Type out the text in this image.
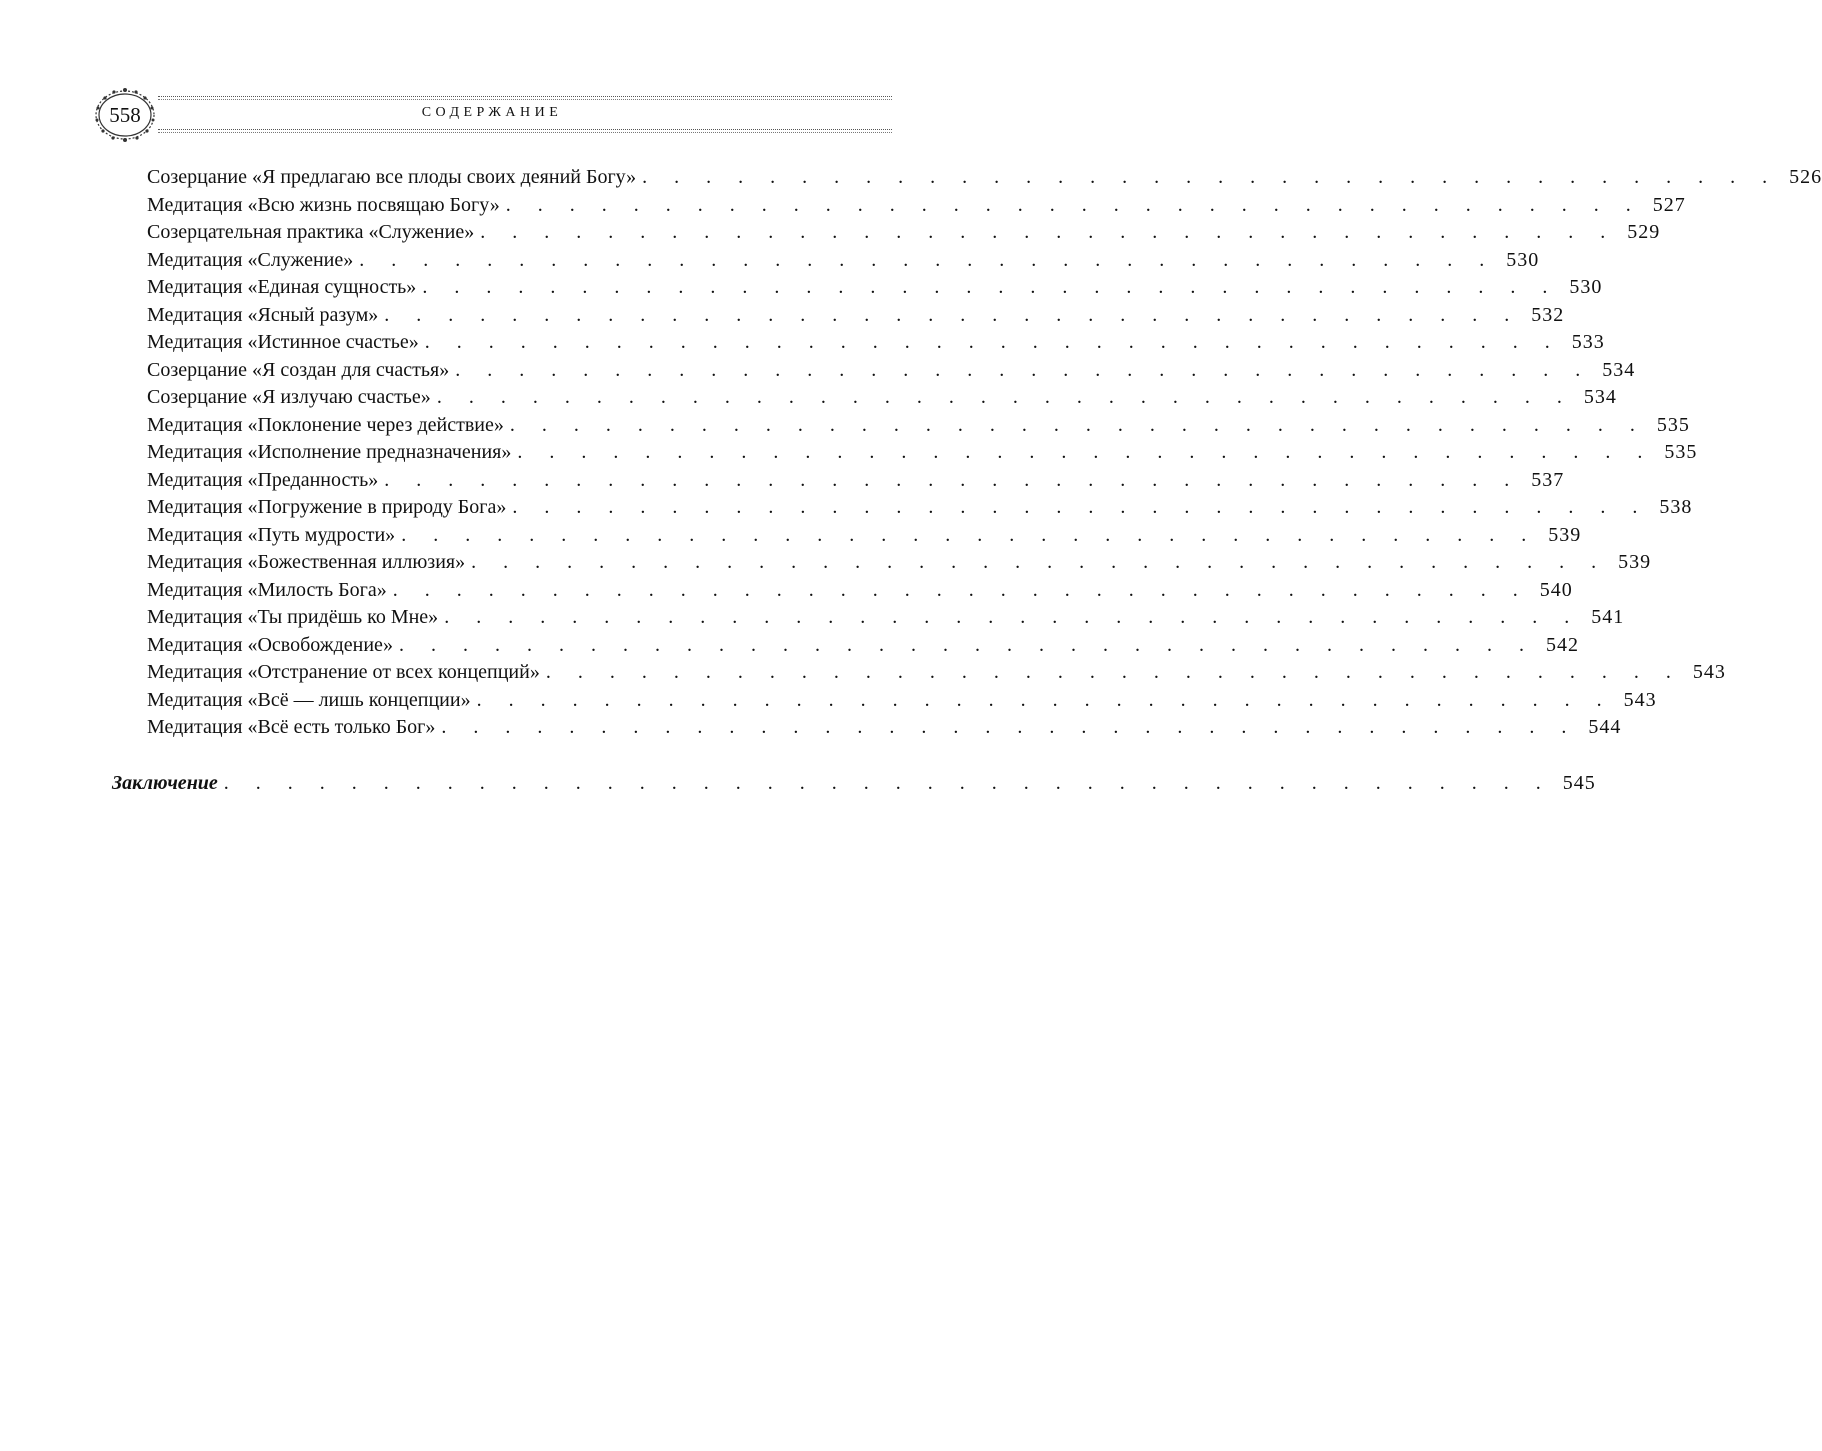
558	СОДЕРЖАНИЕ
Созерцание «Я предлагаю все плоды своих деяний Богу» . . . . . . . . . . . . . . . . . . . . . . . . . . . . . . . . . . . . 526
Медитация «Всю жизнь посвящаю Богу» . . . . . . . . . . . . . . . . . . . . . . . . . . . . . . . . . . . . 527
Созерцательная практика «Служение» . . . . . . . . . . . . . . . . . . . . . . . . . . . . . . . . . . . . 529
Медитация «Служение» . . . . . . . . . . . . . . . . . . . . . . . . . . . . . . . . . . . . 530
Медитация «Единая сущность» . . . . . . . . . . . . . . . . . . . . . . . . . . . . . . . . . . . . 530
Медитация «Ясный разум» . . . . . . . . . . . . . . . . . . . . . . . . . . . . . . . . . . . . 532
Медитация «Истинное счастье» . . . . . . . . . . . . . . . . . . . . . . . . . . . . . . . . . . . . 533
Созерцание «Я создан для счастья» . . . . . . . . . . . . . . . . . . . . . . . . . . . . . . . . . . . . 534
Созерцание «Я излучаю счастье» . . . . . . . . . . . . . . . . . . . . . . . . . . . . . . . . . . . . 534
Медитация «Поклонение через действие» . . . . . . . . . . . . . . . . . . . . . . . . . . . . . . . . . . . . 535
Медитация «Исполнение предназначения» . . . . . . . . . . . . . . . . . . . . . . . . . . . . . . . . . . . . 535
Медитация «Преданность» . . . . . . . . . . . . . . . . . . . . . . . . . . . . . . . . . . . . 537
Медитация «Погружение в природу Бога» . . . . . . . . . . . . . . . . . . . . . . . . . . . . . . . . . . . . 538
Медитация «Путь мудрости» . . . . . . . . . . . . . . . . . . . . . . . . . . . . . . . . . . . . 539
Медитация «Божественная иллюзия» . . . . . . . . . . . . . . . . . . . . . . . . . . . . . . . . . . . . 539
Медитация «Милость Бога» . . . . . . . . . . . . . . . . . . . . . . . . . . . . . . . . . . . . 540
Медитация «Ты придёшь ко Мне» . . . . . . . . . . . . . . . . . . . . . . . . . . . . . . . . . . . . 541
Медитация «Освобождение» . . . . . . . . . . . . . . . . . . . . . . . . . . . . . . . . . . . . 542
Медитация «Отстранение от всех концепций» . . . . . . . . . . . . . . . . . . . . . . . . . . . . . . . . . . . . 543
Медитация «Всё — лишь концепции» . . . . . . . . . . . . . . . . . . . . . . . . . . . . . . . . . . . . 543
Медитация «Всё есть только Бог» . . . . . . . . . . . . . . . . . . . . . . . . . . . . . . . . . . . . 544
Заключение . . . . . . . . . . . . . . . . . . . . . . . . . . . . . . . . . . . . . . . . . . 545
